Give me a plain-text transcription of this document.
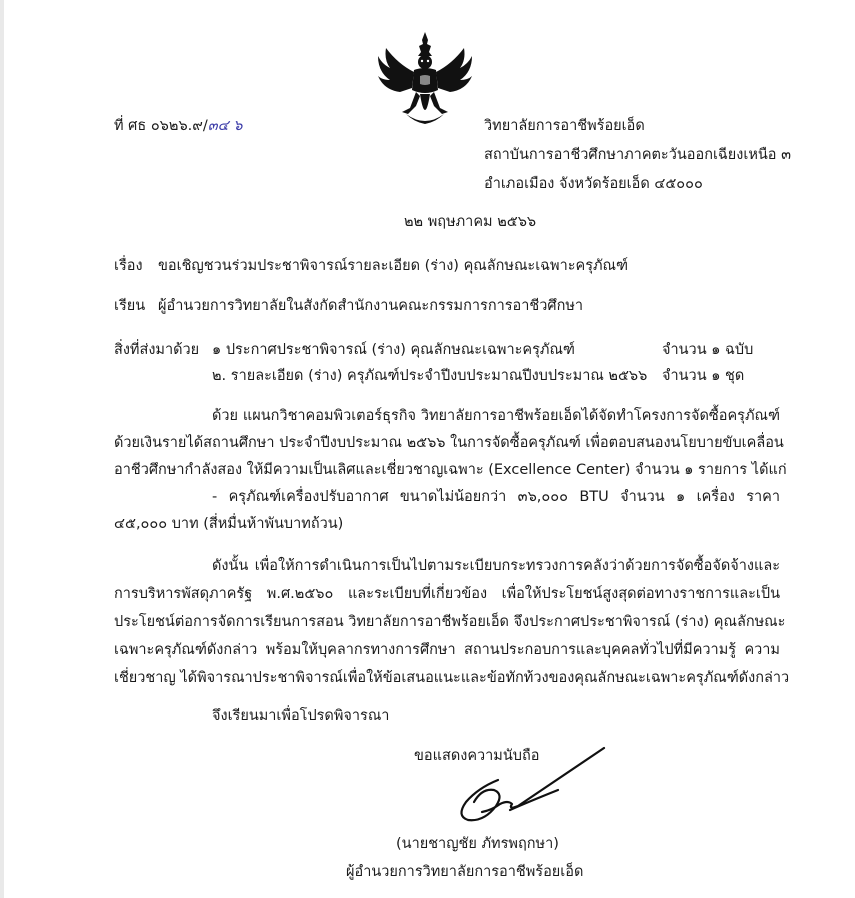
ที่ ศธ ๐๖๒๖.๙/๓๔ ๖	วิทยาลัยการอาชีพร้อยเอ็ด
สถาบันการอาชีวศึกษาภาคตะวันออกเฉียงเหนือ ๓
อำเภอเมือง จังหวัดร้อยเอ็ด ๔๕๐๐๐
๒๒ พฤษภาคม ๒๕๖๖
เรื่อง ขอเชิญชวนร่วมประชาพิจารณ์รายละเอียด (ร่าง) คุณลักษณะเฉพาะครุภัณฑ์
เรียน ผู้อำนวยการวิทยาลัยในสังกัดสำนักงานคณะกรรมการการอาชีวศึกษา
สิ่งที่ส่งมาด้วย ๑ ประกาศประชาพิจารณ์ (ร่าง) คุณลักษณะเฉพาะครุภัณฑ์	จำนวน ๑ ฉบับ
๒. รายละเอียด (ร่าง) ครุภัณฑ์ประจำปีงบประมาณปีงบประมาณ ๒๕๖๖ จำนวน ๑ ชุด
ด้วย แผนกวิชาคอมพิวเตอร์ธุรกิจ วิทยาลัยการอาชีพร้อยเอ็ดได้จัดทำโครงการจัดซื้อครุภัณฑ์
ด้วยเงินรายได้สถานศึกษา ประจำปีงบประมาณ ๒๕๖๖ ในการจัดซื้อครุภัณฑ์ เพื่อตอบสนองนโยบายขับเคลื่อน
อาชีวศึกษากำลังสอง ให้มีความเป็นเลิศและเชี่ยวชาญเฉพาะ (Excellence Center) จำนวน ๑ รายการ ได้แก่
- ครุภัณฑ์เครื่องปรับอากาศ ขนาดไม่น้อยกว่า ๓๖,๐๐๐ BTU จำนวน ๑ เครื่อง ราคา
๔๕,๐๐๐ บาท (สี่หมื่นห้าพันบาทถ้วน)
ดังนั้น เพื่อให้การดำเนินการเป็นไปตามระเบียบกระทรวงการคลังว่าด้วยการจัดซื้อจัดจ้างและ
การบริหารพัสดุภาครัฐ พ.ศ.๒๕๖๐ และระเบียบที่เกี่ยวข้อง เพื่อให้ประโยชน์สูงสุดต่อทางราชการและเป็น
ประโยชน์ต่อการจัดการเรียนการสอน วิทยาลัยการอาชีพร้อยเอ็ด จึงประกาศประชาพิจารณ์ (ร่าง) คุณลักษณะ
เฉพาะครุภัณฑ์ดังกล่าว พร้อมให้บุคลากรทางการศึกษา สถานประกอบการและบุคคลทั่วไปที่มีความรู้ ความ
เชี่ยวชาญ ได้พิจารณาประชาพิจารณ์เพื่อให้ข้อเสนอแนะและข้อทักท้วงของคุณลักษณะเฉพาะครุภัณฑ์ดังกล่าว
จึงเรียนมาเพื่อโปรดพิจารณา
ขอแสดงความนับถือ
(นายชาญชัย ภัทรพฤกษา)
ผู้อำนวยการวิทยาลัยการอาชีพร้อยเอ็ด
